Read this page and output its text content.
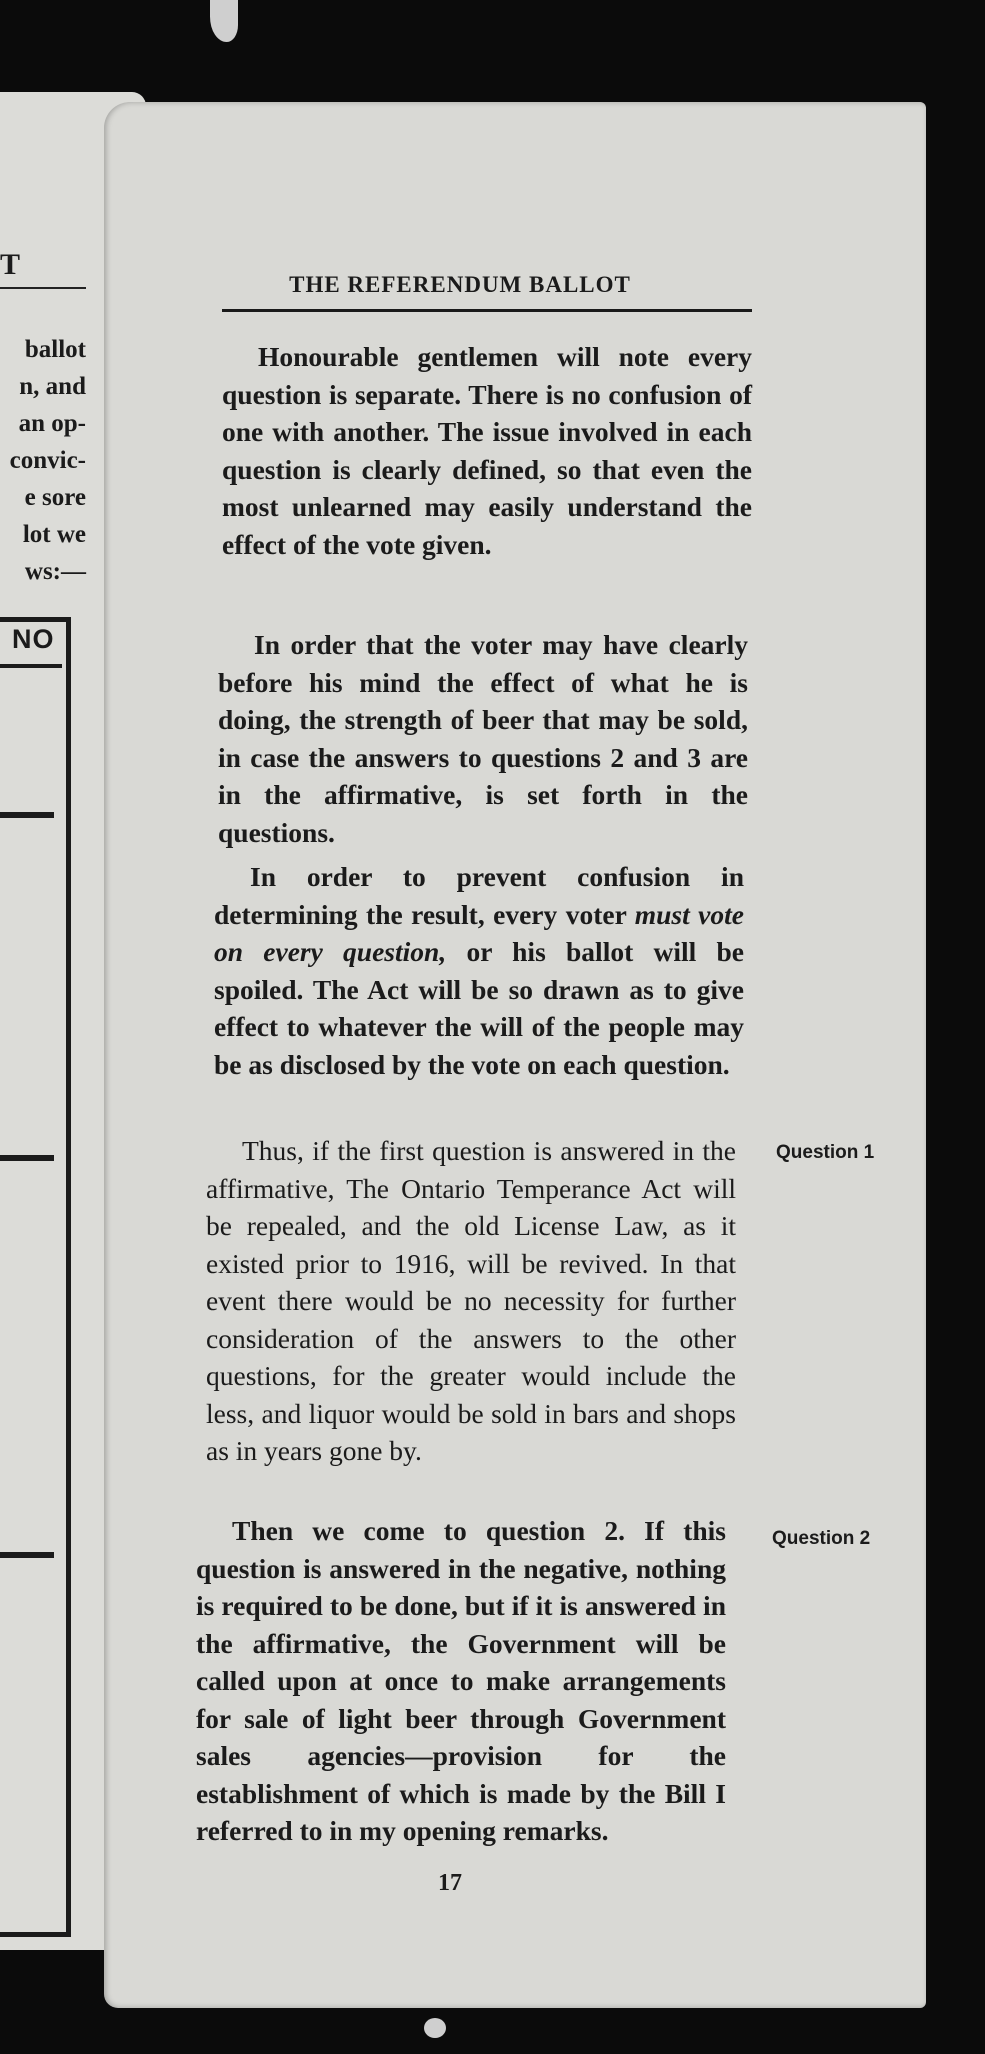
T
ballot
n, and
an op-
convic-
e sore
lot we
ws:—
NO
THE REFERENDUM BALLOT

Honourable gentlemen will note every question is separate. There is no confusion of one with another. The issue involved in each question is clearly defined, so that even the most unlearned may easily understand the effect of the vote given.

In order that the voter may have clearly before his mind the effect of what he is doing, the strength of beer that may be sold, in case the answers to questions 2 and 3 are in the affirmative, is set forth in the questions.

In order to prevent confusion in determining the result, every voter must vote on every question, or his ballot will be spoiled. The Act will be so drawn as to give effect to whatever the will of the people may be as disclosed by the vote on each question.

Thus, if the first question is answered in the affirmative, The Ontario Temperance Act will be repealed, and the old License Law, as it existed prior to 1916, will be revived. In that event there would be no necessity for further consideration of the answers to the other questions, for the greater would include the less, and liquor would be sold in bars and shops as in years gone by.

Then we come to question 2. If this question is answered in the negative, nothing is required to be done, but if it is answered in the affirmative, the Government will be called upon at once to make arrangements for sale of light beer through Government sales agencies—provision for the establishment of which is made by the Bill I referred to in my opening remarks.

Question 1
Question 2
17
